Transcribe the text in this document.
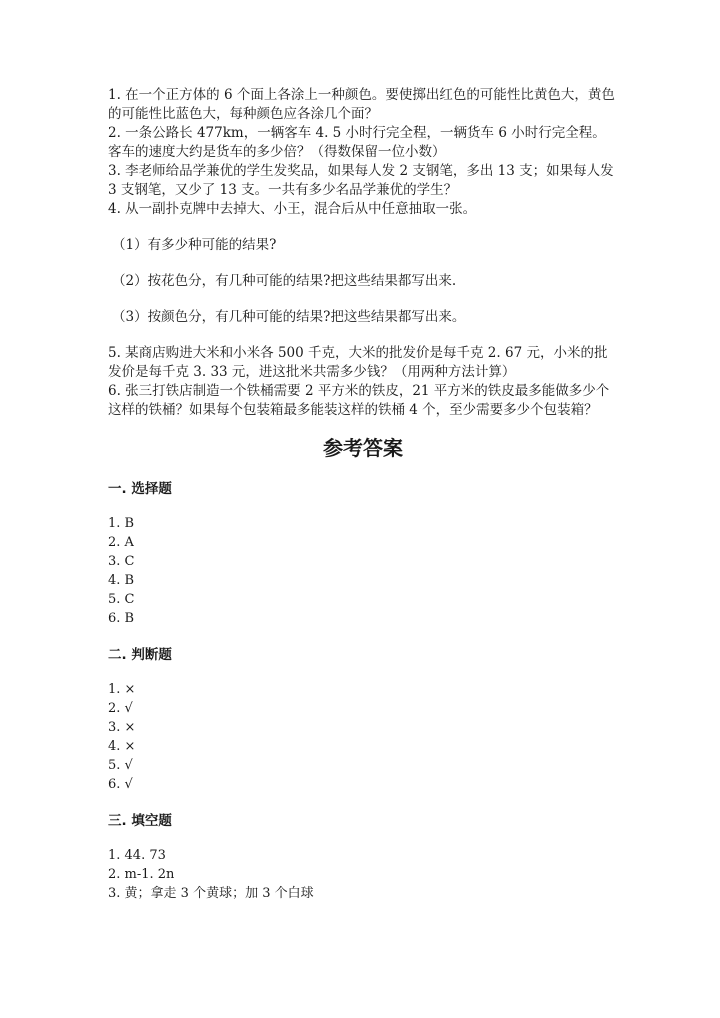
1. 在一个正方体的 6 个面上各涂上一种颜色。要使掷出红色的可能性比黄色大，黄色的可能性比蓝色大，每种颜色应各涂几个面？

2. 一条公路长 477km，一辆客车 4. 5 小时行完全程，一辆货车 6 小时行完全程。客车的速度大约是货车的多少倍？（得数保留一位小数）

3. 李老师给品学兼优的学生发奖品，如果每人发 2 支钢笔，多出 13 支；如果每人发 3 支钢笔，又少了 13 支。一共有多少名品学兼优的学生？

4. 从一副扑克牌中去掉大、小王，混合后从中任意抽取一张。

（1）有多少种可能的结果?

（2）按花色分，有几种可能的结果?把这些结果都写出来.

（3）按颜色分，有几种可能的结果?把这些结果都写出来。

5. 某商店购进大米和小米各 500 千克，大米的批发价是每千克 2. 67 元，小米的批发价是每千克 3. 33 元，进这批米共需多少钱？（用两种方法计算）

6. 张三打铁店制造一个铁桶需要 2 平方米的铁皮，21 平方米的铁皮最多能做多少个这样的铁桶？如果每个包装箱最多能装这样的铁桶 4 个，至少需要多少个包装箱？

参考答案

一. 选择题

1. B

2. A

3. C

4. B

5. C

6. B

二. 判断题

1. ×

2. √

3. ×

4. ×

5. √

6. √

三. 填空题

1. 44. 73

2. m-1. 2n

3. 黄；拿走 3 个黄球；加 3 个白球
